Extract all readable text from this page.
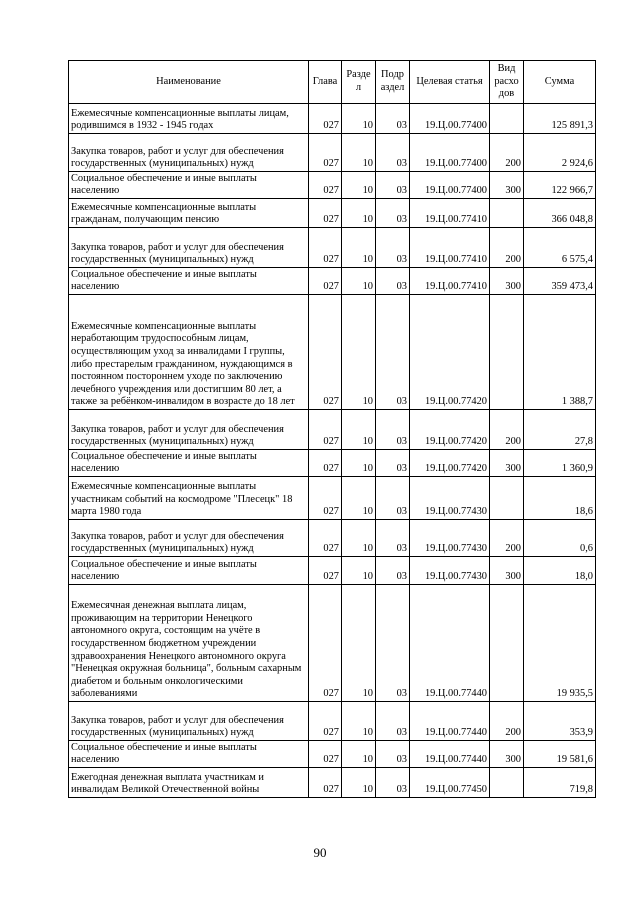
Наименование	Глава	Разде л	Подр аздел	Целевая статья	Вид расхо дов	Сумма
Ежемесячные компенсационные выплаты лицам, родившимся в 1932 - 1945 годах	027	10	03	19.Ц.00.77400		125 891,3
Закупка товаров, работ и услуг для обеспечения государственных (муниципальных) нужд	027	10	03	19.Ц.00.77400	200	2 924,6
Социальное обеспечение и иные выплаты населению	027	10	03	19.Ц.00.77400	300	122 966,7
Ежемесячные компенсационные выплаты гражданам, получающим пенсию	027	10	03	19.Ц.00.77410		366 048,8
Закупка товаров, работ и услуг для обеспечения государственных (муниципальных) нужд	027	10	03	19.Ц.00.77410	200	6 575,4
Социальное обеспечение и иные выплаты населению	027	10	03	19.Ц.00.77410	300	359 473,4
Ежемесячные компенсационные выплаты неработающим трудоспособным лицам, осуществляющим уход за инвалидами I группы, либо престарелым гражданином, нуждающимся в постоянном постороннем уходе по заключению лечебного учреждения или достигшим 80 лет, а также за ребёнком-инвалидом в возрасте до 18 лет	027	10	03	19.Ц.00.77420		1 388,7
Закупка товаров, работ и услуг для обеспечения государственных (муниципальных) нужд	027	10	03	19.Ц.00.77420	200	27,8
Социальное обеспечение и иные выплаты населению	027	10	03	19.Ц.00.77420	300	1 360,9
Ежемесячные компенсационные выплаты участникам событий на космодроме "Плесецк" 18 марта 1980 года	027	10	03	19.Ц.00.77430		18,6
Закупка товаров, работ и услуг для обеспечения государственных (муниципальных) нужд	027	10	03	19.Ц.00.77430	200	0,6
Социальное обеспечение и иные выплаты населению	027	10	03	19.Ц.00.77430	300	18,0
Ежемесячная денежная выплата лицам, проживающим на территории Ненецкого автономного округа, состоящим на учёте в государственном бюджетном учреждении здравоохранения Ненецкого автономного округа "Ненецкая окружная больница", больным сахарным диабетом и больным онкологическими заболеваниями	027	10	03	19.Ц.00.77440		19 935,5
Закупка товаров, работ и услуг для обеспечения государственных (муниципальных) нужд	027	10	03	19.Ц.00.77440	200	353,9
Социальное обеспечение и иные выплаты населению	027	10	03	19.Ц.00.77440	300	19 581,6
Ежегодная денежная выплата участникам и инвалидам Великой Отечественной войны	027	10	03	19.Ц.00.77450		719,8
90
